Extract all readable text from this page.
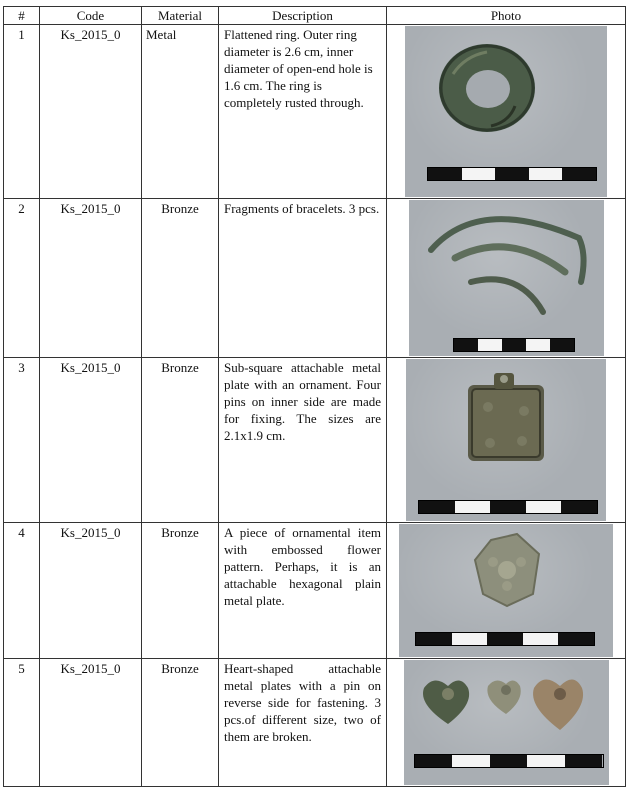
#	Code	Material	Description	Photo
1	Ks_2015_0	Metal	Flattened ring. Outer ring diameter is 2.6 cm, inner diameter of open-end hole is 1.6 cm. The ring is completely rusted through.	

2	Ks_2015_0	Bronze	Fragments of bracelets. 3 pcs.	

3	Ks_2015_0	Bronze	Sub-square attachable metal plate with an ornament. Four pins on inner side are made for fixing. The sizes are 2.1x1.9 cm.	

4	Ks_2015_0	Bronze	A piece of ornamental item with embossed flower pattern. Perhaps, it is an attachable hexagonal plain metal plate.	

5	Ks_2015_0	Bronze	Heart-shaped attachable metal plates with a pin on reverse side for fastening. 3 pcs.of different size, two of them are broken.	
